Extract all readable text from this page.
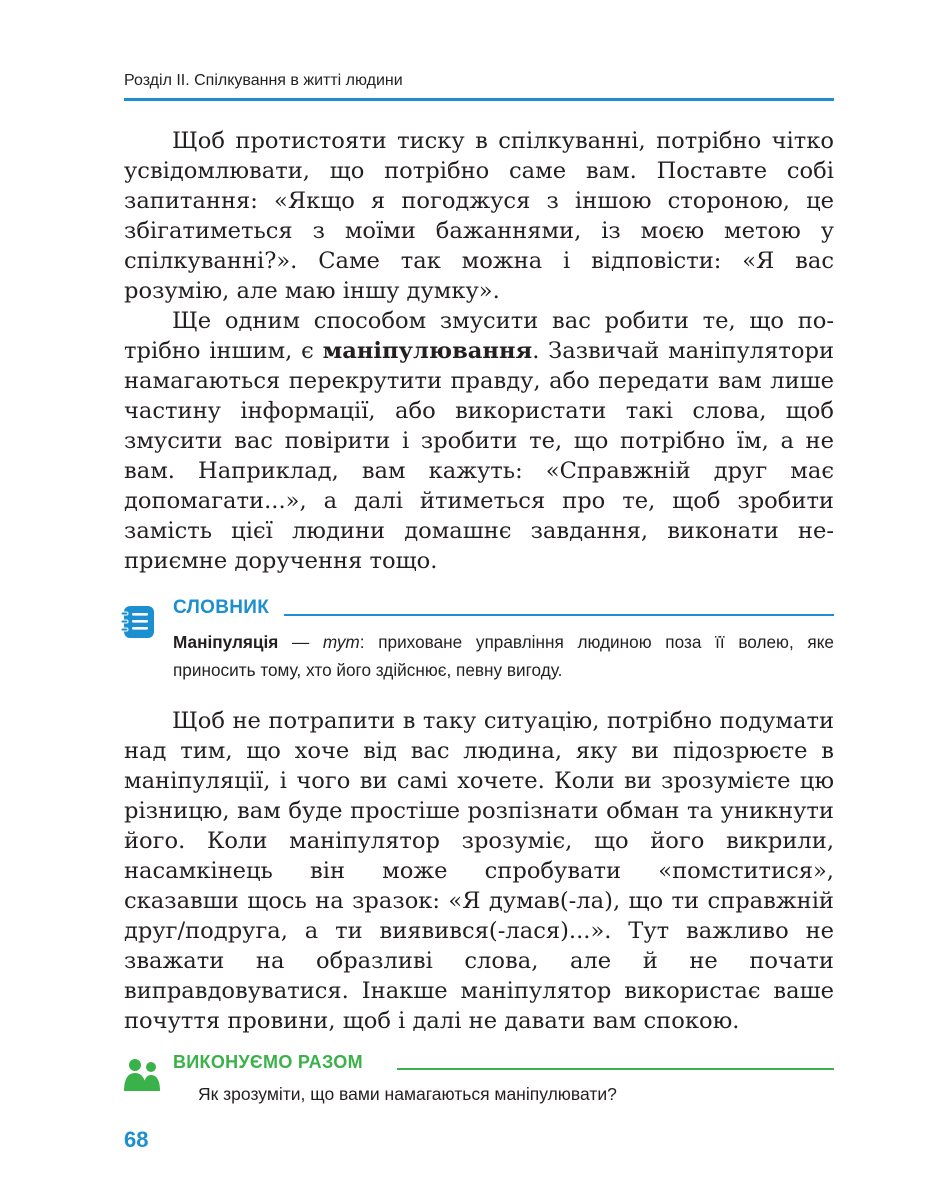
Розділ ІІ. Спілкування в житті людини

Щоб протистояти тиску в спілкуванні, потрібно чітко усвідомлювати, що потрібно саме вам. Поставте собі запитання: «Якщо я погоджуся з іншою стороною, це збігатиметься з моїми бажаннями, із моєю метою у спілкуванні?». Саме так можна і відповісти: «Я вас розумію, але маю іншу думку».

Ще одним способом змусити вас робити те, що потрібно іншим, є маніпулювання. Зазвичай маніпулятори намагаються перекрутити правду, або передати вам лише частину інформації, або використати такі слова, щоб змусити вас повірити і зробити те, що потрібно їм, а не вам. Наприклад, вам кажуть: «Справжній друг має допомагати...», а далі йтиметься про те, щоб зробити замість цієї людини домашнє завдання, виконати неприємне доручення тощо.

СЛОВНИК
Маніпуляція — тут: приховане управління людиною поза її волею, яке приносить тому, хто його здійснює, певну вигоду.

Щоб не потрапити в таку ситуацію, потрібно подумати над тим, що хоче від вас людина, яку ви підозрюєте в маніпуляції, і чого ви самі хочете. Коли ви зрозумієте цю різницю, вам буде простіше розпізнати обман та уникнути його. Коли маніпулятор зрозуміє, що його викрили, насамкінець він може спробувати «помститися», сказавши щось на зразок: «Я думав(-ла), що ти справжній друг/подруга, а ти виявився(-лася)...». Тут важливо не зважати на образливі слова, але й не почати виправдовуватися. Інакше маніпулятор використає ваше почуття провини, щоб і далі не давати вам спокою.

ВИКОНУЄМО РАЗОМ
Як зрозуміти, що вами намагаються маніпулювати?
68
